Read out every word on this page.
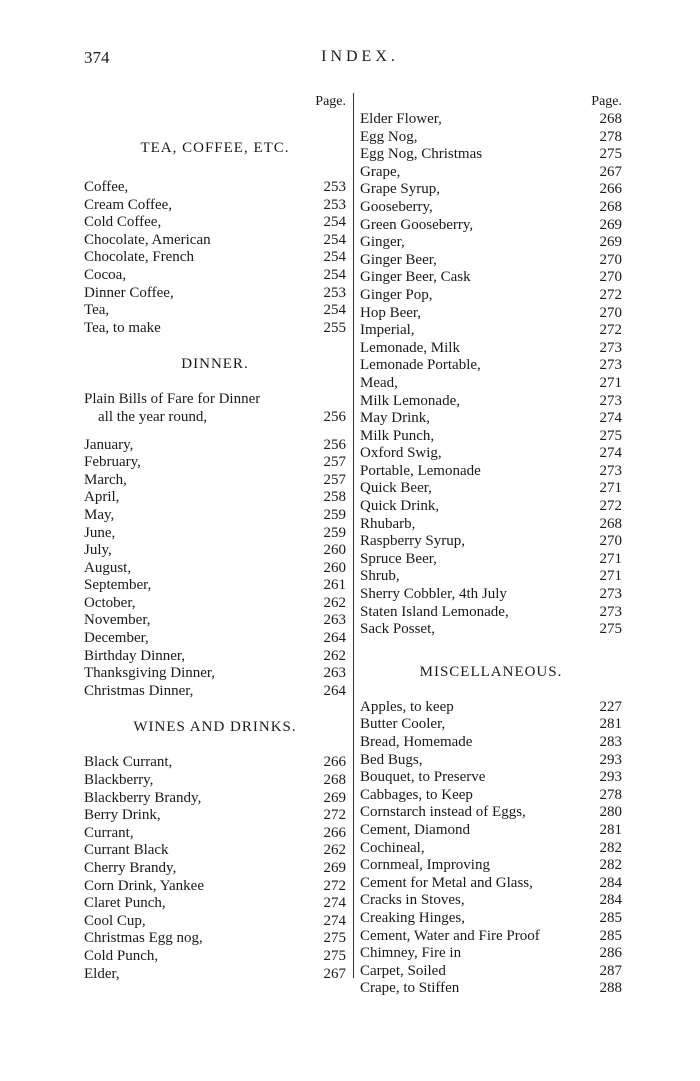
374	INDEX.
Page.
TEA, COFFEE, ETC.
Coffee,	253
Cream Coffee,	253
Cold Coffee,	254
Chocolate, American	254
Chocolate, French	254
Cocoa,	254
Dinner Coffee,	253
Tea,	254
Tea, to make	255
DINNER.
Plain Bills of Fare for Dinner
all the year round,	256
January,	256
February,	257
March,	257
April,	258
May,	259
June,	259
July,	260
August,	260
September,	261
October,	262
November,	263
December,	264
Birthday Dinner,	262
Thanksgiving Dinner,	263
Christmas Dinner,	264
WINES AND DRINKS.
Black Currant,	266
Blackberry,	268
Blackberry Brandy,	269
Berry Drink,	272
Currant,	266
Currant Black	262
Cherry Brandy,	269
Corn Drink, Yankee	272
Claret Punch,	274
Cool Cup,	274
Christmas Egg nog,	275
Cold Punch,	275
Elder,	267
Page.
Elder Flower,	268
Egg Nog,	278
Egg Nog, Christmas	275
Grape,	267
Grape Syrup,	266
Gooseberry,	268
Green Gooseberry,	269
Ginger,	269
Ginger Beer,	270
Ginger Beer, Cask	270
Ginger Pop,	272
Hop Beer,	270
Imperial,	272
Lemonade, Milk	273
Lemonade Portable,	273
Mead,	271
Milk Lemonade,	273
May Drink,	274
Milk Punch,	275
Oxford Swig,	274
Portable, Lemonade	273
Quick Beer,	271
Quick Drink,	272
Rhubarb,	268
Raspberry Syrup,	270
Spruce Beer,	271
Shrub,	271
Sherry Cobbler, 4th July	273
Staten Island Lemonade,	273
Sack Posset,	275
MISCELLANEOUS.
Apples, to keep	227
Butter Cooler,	281
Bread, Homemade	283
Bed Bugs,	293
Bouquet, to Preserve	293
Cabbages, to Keep	278
Cornstarch instead of Eggs,	280
Cement, Diamond	281
Cochineal,	282
Cornmeal, Improving	282
Cement for Metal and Glass,	284
Cracks in Stoves,	284
Creaking Hinges,	285
Cement, Water and Fire Proof	285
Chimney, Fire in	286
Carpet, Soiled	287
Crape, to Stiffen	288
